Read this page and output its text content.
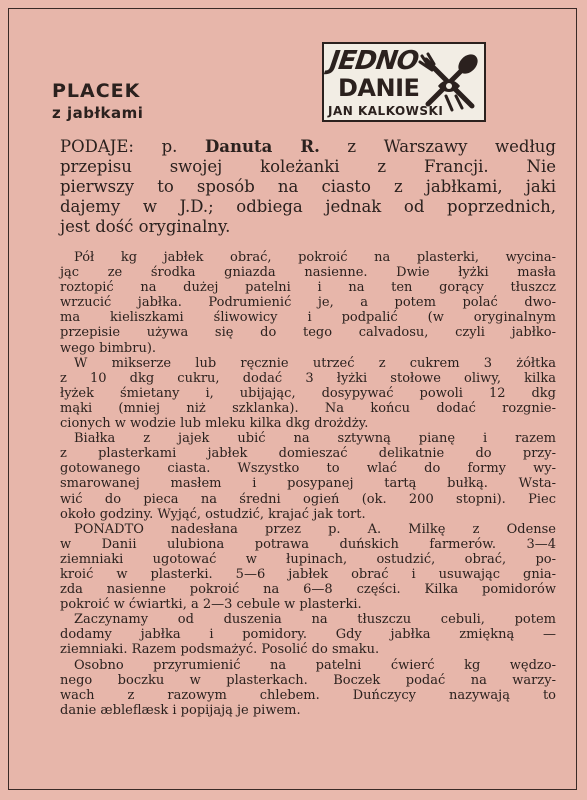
PLACEK
z jabłkami
JEDNO
DANIE
JAN KALKOWSKI
PODAJE: p. Danuta R. z Warszawy według
przepisu swojej koleżanki z Francji. Nie
pierwszy to sposób na ciasto z jabłkami, jaki
dajemy w J.D.; odbiega jednak od poprzednich,
jest dość oryginalny.

Pół kg jabłek obrać, pokroić na plasterki, wycina-
jąc ze środka gniazda nasienne. Dwie łyżki masła
roztopić na dużej patelni i na ten gorący tłuszcz
wrzucić jabłka. Podrumienić je, a potem polać dwo-
ma kieliszkami śliwowicy i podpalić (w oryginalnym
przepisie używa się do tego calvadosu, czyli jabłko-
wego bimbru).

W mikserze lub ręcznie utrzeć z cukrem 3 żółtka
z 10 dkg cukru, dodać 3 łyżki stołowe oliwy, kilka
łyżek śmietany i, ubijając, dosypywać powoli 12 dkg
mąki (mniej niż szklanka). Na końcu dodać rozgnie-
cionych w wodzie lub mleku kilka dkg drożdży.

Białka z jajek ubić na sztywną pianę i razem
z plasterkami jabłek domieszać delikatnie do przy-
gotowanego ciasta. Wszystko to wlać do formy wy-
smarowanej masłem i posypanej tartą bułką. Wsta-
wić do pieca na średni ogień (ok. 200 stopni). Piec
około godziny. Wyjąć, ostudzić, krajać jak tort.

PONADTO nadesłana przez p. A. Milkę z Odense
w Danii ulubiona potrawa duńskich farmerów. 3—4
ziemniaki ugotować w łupinach, ostudzić, obrać, po-
kroić w plasterki. 5—6 jabłek obrać i usuwając gnia-
zda nasienne pokroić na 6—8 części. Kilka pomidorów
pokroić w ćwiartki, a 2—3 cebule w plasterki.

Zaczynamy od duszenia na tłuszczu cebuli, potem
dodamy jabłka i pomidory. Gdy jabłka zmiękną —
ziemniaki. Razem podsmażyć. Posolić do smaku.

Osobno przyrumienić na patelni ćwierć kg wędzo-
nego boczku w plasterkach. Boczek podać na warzy-
wach z razowym chlebem. Duńczycy nazywają to
danie æbleflæsk i popijają je piwem.
